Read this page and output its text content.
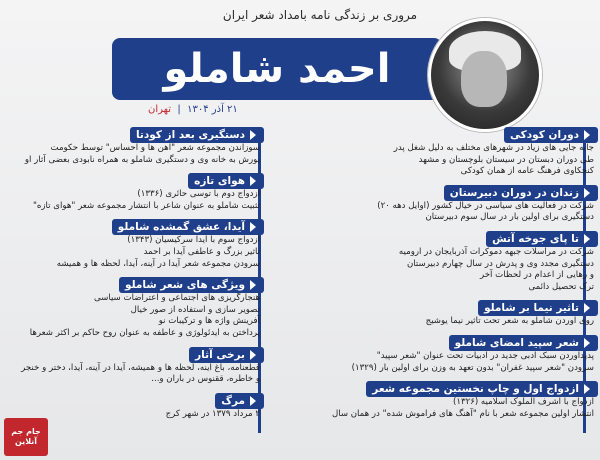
مروری بر زندگی نامه بامداد شعر ایران
احمد شاملو
۲۱ آذر ۱۳۰۴  |  تهران
دوران کودکی
جابه جایی های زیاد در شهرهای مختلف به دلیل شغل پدر
طی دوران دبستان در سیستان بلوچستان و مشهد
کنجکاوی فرهنگ عامه از همان کودکی
زندان در دوران دبیرستان
شرکت در فعالیت های سیاسی در خیال کشور (اوایل دهه ۲۰)
دستگیری برای اولین بار در سال سوم دبیرستان
تا پای جوخه آتش
شرکت در مراسلات جبهه دموکرات آذربایجان در ارومیه
دستگیری مجدد وی و پدرش در سال چهارم دبیرستان
و رهایی از اعدام در لحظات آخر
ترک تحصیل دائمی
تاثیر نیما بر شاملو
روی آوردن شاملو به شعر تحت تاثیر نیما یوشیج
شعر سپید امضای شاملو
پدیدآوردن سبک ادبی جدید در ادبیات تحت عنوان "شعر سپید"
سرودن "شعر سپید غفران" بدون تعهد به وزن برای اولین بار (۱۳۲۹)
ازدواج اول و چاپ نخستین مجموعه شعر
ازدواج با اشرف الملوک اسلامیه (۱۳۲۶)
انتشار اولین مجموعه شعر با نام "آهنگ های فراموش شده" در همان سال
دستگیری بعد از کودتا
سوزاندن مجموعه شعر "آهن ها و احساس" توسط حکومت
یورش به خانه وی و دستگیری شاملو به همراه نابودی بعضی آثار او
هوای تازه
ازدواج دوم با توسی حائری (۱۳۳۶)
تثبیت شاملو به عنوان شاعر با انتشار مجموعه شعر "هوای تازه"
آیدا، عشق گمشده شاملو
ازدواج سوم با آیدا سرکیسیان (۱۳۴۳)
تاثیر بزرگ و عاطفی آیدا بر احمد
سرودن مجموعه شعر آیدا در آینه، آیدا، لحظه ها و همیشه
ویژگی های شعر شاملو
هنجارگریزی های اجتماعی و اعتراضات سیاسی
تصویر سازی و استفاده از صور خیال
آفرینش واژه ها و ترکیبات نو
پرداختن به ایدئولوژی و عاطفه به عنوان روح حاکم بر اکثر شعرها
برخی آثار
قطعنامه، باغ آینه، لحظه ها و همیشه، آیدا در آینه، آیدا، دختر و خنجر
و خاطره، ققنوس در باران و...
مرگ
۲ مرداد ۱۳۷۹ در شهر کرج
جام جم
آنلاین
